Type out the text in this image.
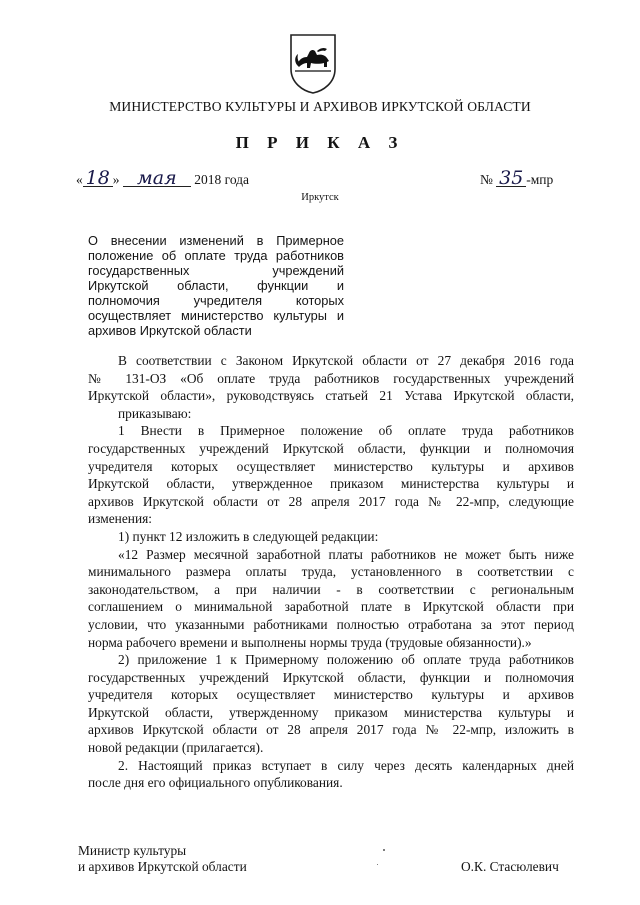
МИНИСТЕРСТВО КУЛЬТУРЫ И АРХИВОВ ИРКУТСКОЙ ОБЛАСТИ
П Р И К А З
« 18 » мая 2018 года	№ 35 -мпр
Иркутск
О внесении изменений в Примерное
положение об оплате труда работников
государственных учреждений
Иркутской области, функции и
полномочия учредителя которых
осуществляет министерство культуры и
архивов Иркутской области
В соответствии с Законом Иркутской области от 27 декабря 2016 года
№ 131-ОЗ «Об оплате труда работников государственных учреждений
Иркутской области», руководствуясь статьей 21 Устава Иркутской области,
приказываю:
1 Внести в Примерное положение об оплате труда работников
государственных учреждений Иркутской области, функции и полномочия
учредителя которых осуществляет министерство культуры и архивов
Иркутской области, утвержденное приказом министерства культуры и
архивов Иркутской области от 28 апреля 2017 года № 22-мпр, следующие
изменения:
1) пункт 12 изложить в следующей редакции:
«12 Размер месячной заработной платы работников не может быть ниже
минимального размера оплаты труда, установленного в соответствии с
законодательством, а при наличии - в соответствии с региональным
соглашением о минимальной заработной плате в Иркутской области при
условии, что указанными работниками полностью отработана за этот период
норма рабочего времени и выполнены нормы труда (трудовые обязанности).»
2) приложение 1 к Примерному положению об оплате труда работников
государственных учреждений Иркутской области, функции и полномочия
учредителя которых осуществляет министерство культуры и архивов
Иркутской области, утвержденному приказом министерства культуры и
архивов Иркутской области от 28 апреля 2017 года № 22-мпр, изложить в
новой редакции (прилагается).
2. Настоящий приказ вступает в силу через десять календарных дней
после дня его официального опубликования.
Министр культуры
и архивов Иркутской области	О.К. Стасюлевич
